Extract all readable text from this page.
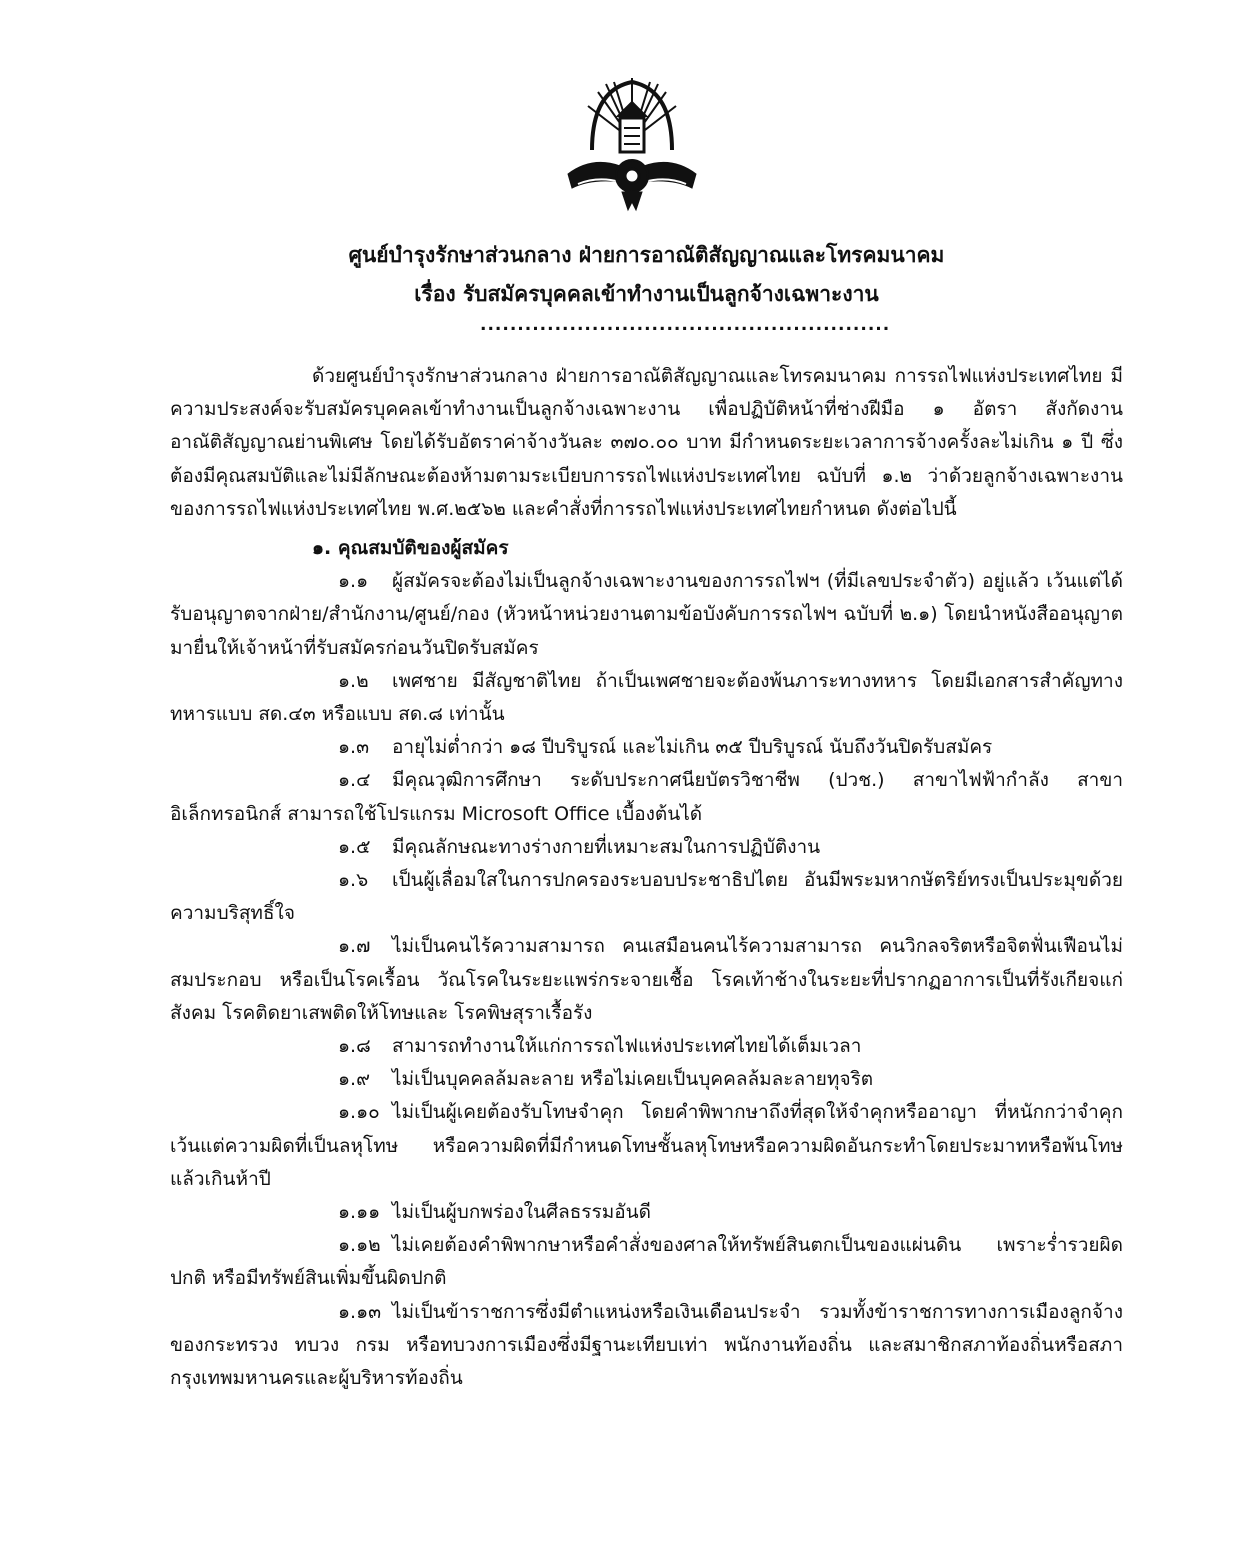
ศูนย์บำรุงรักษาส่วนกลาง ฝ่ายการอาณัติสัญญาณและโทรคมนาคม
เรื่อง รับสมัครบุคคลเข้าทำงานเป็นลูกจ้างเฉพาะงาน
.......................................................

ด้วยศูนย์บำรุงรักษาส่วนกลาง ฝ่ายการอาณัติสัญญาณและโทรคมนาคม การรถไฟแห่งประเทศไทย มีความประสงค์จะรับสมัครบุคคลเข้าทำงานเป็นลูกจ้างเฉพาะงาน เพื่อปฏิบัติหน้าที่ช่างฝีมือ ๑ อัตรา สังกัดงานอาณัติสัญญาณย่านพิเศษ โดยได้รับอัตราค่าจ้างวันละ ๓๗๐.๐๐ บาท มีกำหนดระยะเวลาการจ้างครั้งละไม่เกิน ๑ ปี ซึ่งต้องมีคุณสมบัติและไม่มีลักษณะต้องห้ามตามระเบียบการรถไฟแห่งประเทศไทย ฉบับที่ ๑.๒ ว่าด้วยลูกจ้างเฉพาะงานของการรถไฟแห่งประเทศไทย พ.ศ.๒๕๖๒ และคำสั่งที่การรถไฟแห่งประเทศไทยกำหนด ดังต่อไปนี้

๑. คุณสมบัติของผู้สมัคร

๑.๑ ผู้สมัครจะต้องไม่เป็นลูกจ้างเฉพาะงานของการรถไฟฯ (ที่มีเลขประจำตัว) อยู่แล้ว เว้นแต่ได้รับอนุญาตจากฝ่าย/สำนักงาน/ศูนย์/กอง (หัวหน้าหน่วยงานตามข้อบังคับการรถไฟฯ ฉบับที่ ๒.๑) โดยนำหนังสืออนุญาตมายื่นให้เจ้าหน้าที่รับสมัครก่อนวันปิดรับสมัคร

๑.๒ เพศชาย มีสัญชาติไทย ถ้าเป็นเพศชายจะต้องพ้นภาระทางทหาร โดยมีเอกสารสำคัญทางทหารแบบ สด.๔๓ หรือแบบ สด.๘ เท่านั้น

๑.๓ อายุไม่ต่ำกว่า ๑๘ ปีบริบูรณ์ และไม่เกิน ๓๕ ปีบริบูรณ์ นับถึงวันปิดรับสมัคร

๑.๔ มีคุณวุฒิการศึกษา ระดับประกาศนียบัตรวิชาชีพ (ปวช.) สาขาไฟฟ้ากำลัง สาขาอิเล็กทรอนิกส์ สามารถใช้โปรแกรม Microsoft Office เบื้องต้นได้

๑.๕ มีคุณลักษณะทางร่างกายที่เหมาะสมในการปฏิบัติงาน

๑.๖ เป็นผู้เลื่อมใสในการปกครองระบอบประชาธิปไตย อันมีพระมหากษัตริย์ทรงเป็นประมุขด้วยความบริสุทธิ์ใจ

๑.๗ ไม่เป็นคนไร้ความสามารถ คนเสมือนคนไร้ความสามารถ คนวิกลจริตหรือจิตฟั่นเฟือนไม่สมประกอบ หรือเป็นโรคเรื้อน วัณโรคในระยะแพร่กระจายเชื้อ โรคเท้าช้างในระยะที่ปรากฏอาการเป็นที่รังเกียจแก่สังคม โรคติดยาเสพติดให้โทษและ โรคพิษสุราเรื้อรัง

๑.๘ สามารถทำงานให้แก่การรถไฟแห่งประเทศไทยได้เต็มเวลา

๑.๙ ไม่เป็นบุคคลล้มละลาย หรือไม่เคยเป็นบุคคลล้มละลายทุจริต

๑.๑๐ ไม่เป็นผู้เคยต้องรับโทษจำคุก โดยคำพิพากษาถึงที่สุดให้จำคุกหรืออาญา ที่หนักกว่าจำคุกเว้นแต่ความผิดที่เป็นลหุโทษ หรือความผิดที่มีกำหนดโทษชั้นลหุโทษหรือความผิดอันกระทำโดยประมาทหรือพ้นโทษแล้วเกินห้าปี

๑.๑๑ ไม่เป็นผู้บกพร่องในศีลธรรมอันดี

๑.๑๒ ไม่เคยต้องคำพิพากษาหรือคำสั่งของศาลให้ทรัพย์สินตกเป็นของแผ่นดิน เพราะร่ำรวยผิดปกติ หรือมีทรัพย์สินเพิ่มขึ้นผิดปกติ

๑.๑๓ ไม่เป็นข้าราชการซึ่งมีตำแหน่งหรือเงินเดือนประจำ รวมทั้งข้าราชการทางการเมืองลูกจ้างของกระทรวง ทบวง กรม หรือทบวงการเมืองซึ่งมีฐานะเทียบเท่า พนักงานท้องถิ่น และสมาชิกสภาท้องถิ่นหรือสภากรุงเทพมหานครและผู้บริหารท้องถิ่น
